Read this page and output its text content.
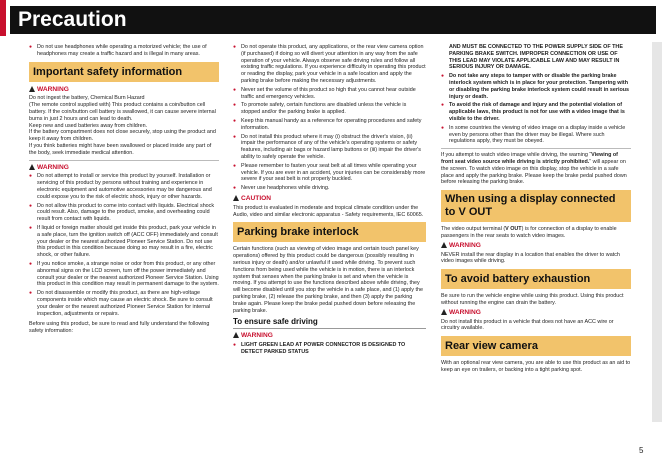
Precaution
● Do not use headphones while operating a motorized vehicle; the use of headphones may create a traffic hazard and is illegal in many areas.
Important safety information
WARNING
Do not ingest the battery, Chemical Burn Hazard
(The remote control supplied with) This product contains a coin/button cell battery. If the coin/button cell battery is swallowed, it can cause severe internal burns in just 2 hours and can lead to death.
Keep new and used batteries away from children.
If the battery compartment does not close securely, stop using the product and keep it away from children.
If you think batteries might have been swallowed or placed inside any part of the body, seek immediate medical attention.
WARNING
● Do not attempt to install or service this product by yourself. Installation or servicing of this product by persons without training and experience in electronic equipment and automotive accessories may be dangerous and could expose you to the risk of electric shock, injury or other hazards.
● Do not allow this product to come into contact with liquids. Electrical shock could result. Also, damage to the product, smoke, and overheating could result from contact with liquids.
● If liquid or foreign matter should get inside this product, park your vehicle in a safe place, turn the ignition switch off (ACC OFF) immediately and consult your dealer or the nearest authorized Pioneer Service Station. Do not use this product in this condition because doing so may result in a fire, electric shock, or other failure.
● If you notice smoke, a strange noise or odor from this product, or any other abnormal signs on the LCD screen, turn off the power immediately and consult your dealer or the nearest authorized Pioneer Service Station. Using this product in this condition may result in permanent damage to the system.
● Do not disassemble or modify this product, as there are high-voltage components inside which may cause an electric shock. Be sure to consult your dealer or the nearest authorized Pioneer Service Station for internal inspection, adjustments or repairs.
Before using this product, be sure to read and fully understand the following safety information:
● Do not operate this product, any applications, or the rear view camera option (if purchased) if doing so will divert your attention in any way from the safe operation of your vehicle. Always observe safe driving rules and follow all existing traffic regulations. If you experience difficulty in operating this product or reading the display, park your vehicle in a safe location and apply the parking brake before making the necessary adjustments.
● Never set the volume of this product so high that you cannot hear outside traffic and emergency vehicles.
● To promote safety, certain functions are disabled unless the vehicle is stopped and/or the parking brake is applied.
● Keep this manual handy as a reference for operating procedures and safety information.
● Do not install this product where it may (i) obstruct the driver's vision, (ii) impair the performance of any of the vehicle's operating systems or safety features, including air bags or hazard lamp buttons or (iii) impair the driver's ability to safely operate the vehicle.
● Please remember to fasten your seat belt at all times while operating your vehicle. If you are ever in an accident, your injuries can be considerably more severe if your seat belt is not properly buckled.
● Never use headphones while driving.
CAUTION
This product is evaluated in moderate and tropical climate condition under the Audio, video and similar electronic apparatus - Safety requirements, IEC 60065.
Parking brake interlock
Certain functions (such as viewing of video image and certain touch panel key operations) offered by this product could be dangerous (possibly resulting in serious injury or death) and/or unlawful if used while driving. To prevent such functions from being used while the vehicle is in motion, there is an interlock system that senses when the parking brake is set and when the vehicle is moving. If you attempt to use the functions described above while driving, they will become disabled until you stop the vehicle in a safe place, and (1) apply the parking brake, (2) release the parking brake, and then (3) apply the parking brake again. Please keep the brake pedal pushed down before releasing the parking brake.
To ensure safe driving
WARNING
● LIGHT GREEN LEAD AT POWER CONNECTOR IS DESIGNED TO DETECT PARKED STATUS
AND MUST BE CONNECTED TO THE POWER SUPPLY SIDE OF THE PARKING BRAKE SWITCH. IMPROPER CONNECTION OR USE OF THIS LEAD MAY VIOLATE APPLICABLE LAW AND MAY RESULT IN SERIOUS INJURY OR DAMAGE.
● Do not take any steps to tamper with or disable the parking brake interlock system which is in place for your protection. Tampering with or disabling the parking brake interlock system could result in serious injury or death.
● To avoid the risk of damage and injury and the potential violation of applicable laws, this product is not for use with a video image that is visible to the driver.
● In some countries the viewing of video image on a display inside a vehicle even by persons other than the driver may be illegal. Where such regulations apply, they must be obeyed.
If you attempt to watch video image while driving, the warning “Viewing of front seat video source while driving is strictly prohibited.” will appear on the screen. To watch video image on this display, stop the vehicle in a safe place and apply the parking brake. Please keep the brake pedal pushed down before releasing the parking brake.
When using a display connected to V OUT
The video output terminal (V OUT) is for connection of a display to enable passengers in the rear seats to watch video images.
WARNING
NEVER install the rear display in a location that enables the driver to watch video images while driving.
To avoid battery exhaustion
Be sure to run the vehicle engine while using this product. Using this product without running the engine can drain the battery.
WARNING
Do not install this product in a vehicle that does not have an ACC wire or circuitry available.
Rear view camera
With an optional rear view camera, you are able to use this product as an aid to keep an eye on trailers, or backing into a tight parking spot.
5
